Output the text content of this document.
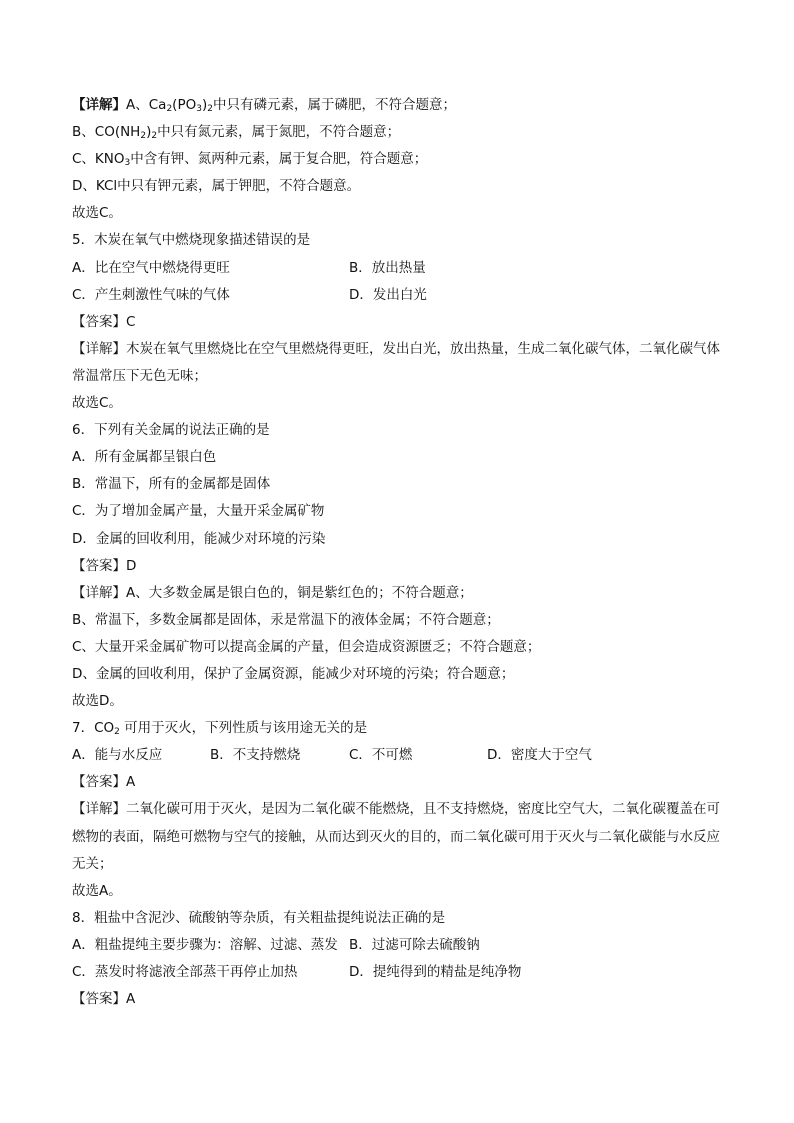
【详解】A、$Ca_2(PO_3)_2$中只有磷元素，属于磷肥，不符合题意；
B、$CO(NH_2)_2$中只有氮元素，属于氮肥，不符合题意；
C、$KNO_3$中含有钾、氮两种元素，属于复合肥，符合题意；
D、KCl中只有钾元素，属于钾肥，不符合题意。
故选C。
5．木炭在氧气中燃烧现象描述错误的是
A．比在空气中燃烧得更旺	B．放出热量
C．产生刺激性气味的气体	D．发出白光
【答案】C
【详解】木炭在氧气里燃烧比在空气里燃烧得更旺，发出白光，放出热量，生成二氧化碳气体，二氧化碳气体常温常压下无色无味；
故选C。
6．下列有关金属的说法正确的是
A．所有金属都呈银白色
B．常温下，所有的金属都是固体
C．为了增加金属产量，大量开采金属矿物
D．金属的回收利用，能减少对环境的污染
【答案】D
【详解】A、大多数金属是银白色的，铜是紫红色的；不符合题意；
B、常温下，多数金属都是固体，汞是常温下的液体金属；不符合题意；
C、大量开采金属矿物可以提高金属的产量，但会造成资源匮乏；不符合题意；
D、金属的回收利用，保护了金属资源，能减少对环境的污染；符合题意；
故选D。
7．$CO_2$ 可用于灭火，下列性质与该用途无关的是
A．能与水反应	B．不支持燃烧	C．不可燃	D．密度大于空气
【答案】A
【详解】二氧化碳可用于灭火，是因为二氧化碳不能燃烧，且不支持燃烧，密度比空气大，二氧化碳覆盖在可燃物的表面，隔绝可燃物与空气的接触，从而达到灭火的目的，而二氧化碳可用于灭火与二氧化碳能与水反应无关；
故选A。
8．粗盐中含泥沙、硫酸钠等杂质，有关粗盐提纯说法正确的是
A．粗盐提纯主要步骤为：溶解、过滤、蒸发 B．过滤可除去硫酸钠
C．蒸发时将滤液全部蒸干再停止加热	D．提纯得到的精盐是纯净物
【答案】A
